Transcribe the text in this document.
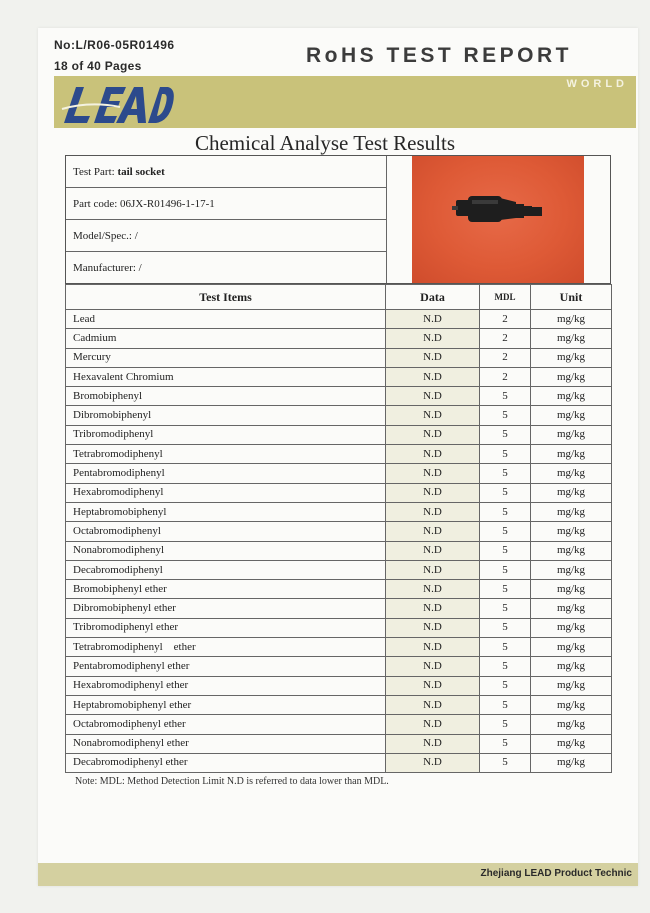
No:L/R06-05R01496
18 of 40 Pages	RoHS TEST REPORT
WORLD
Chemical Analyse Test Results
Test Part: tail socket
Part code: 06JX-R01496-1-17-1
Model/Spec.: /
Manufacturer: /
Test Items	Data	MDL	Unit
Lead	N.D	2	mg/kg
Cadmium	N.D	2	mg/kg
Mercury	N.D	2	mg/kg
Hexavalent Chromium	N.D	2	mg/kg
Bromobiphenyl	N.D	5	mg/kg
Dibromobiphenyl	N.D	5	mg/kg
Tribromodiphenyl	N.D	5	mg/kg
Tetrabromodiphenyl	N.D	5	mg/kg
Pentabromodiphenyl	N.D	5	mg/kg
Hexabromodiphenyl	N.D	5	mg/kg
Heptabromobiphenyl	N.D	5	mg/kg
Octabromodiphenyl	N.D	5	mg/kg
Nonabromodiphenyl	N.D	5	mg/kg
Decabromodiphenyl	N.D	5	mg/kg
Bromobiphenyl ether	N.D	5	mg/kg
Dibromobiphenyl ether	N.D	5	mg/kg
Tribromodiphenyl ether	N.D	5	mg/kg
Tetrabromodiphenyl    ether	N.D	5	mg/kg
Pentabromodiphenyl ether	N.D	5	mg/kg
Hexabromodiphenyl ether	N.D	5	mg/kg
Heptabromobiphenyl ether	N.D	5	mg/kg
Octabromodiphenyl ether	N.D	5	mg/kg
Nonabromodiphenyl ether	N.D	5	mg/kg
Decabromodiphenyl ether	N.D	5	mg/kg
Note: MDL: Method Detection Limit N.D is referred to data lower than MDL.
Zhejiang LEAD Product Technic
